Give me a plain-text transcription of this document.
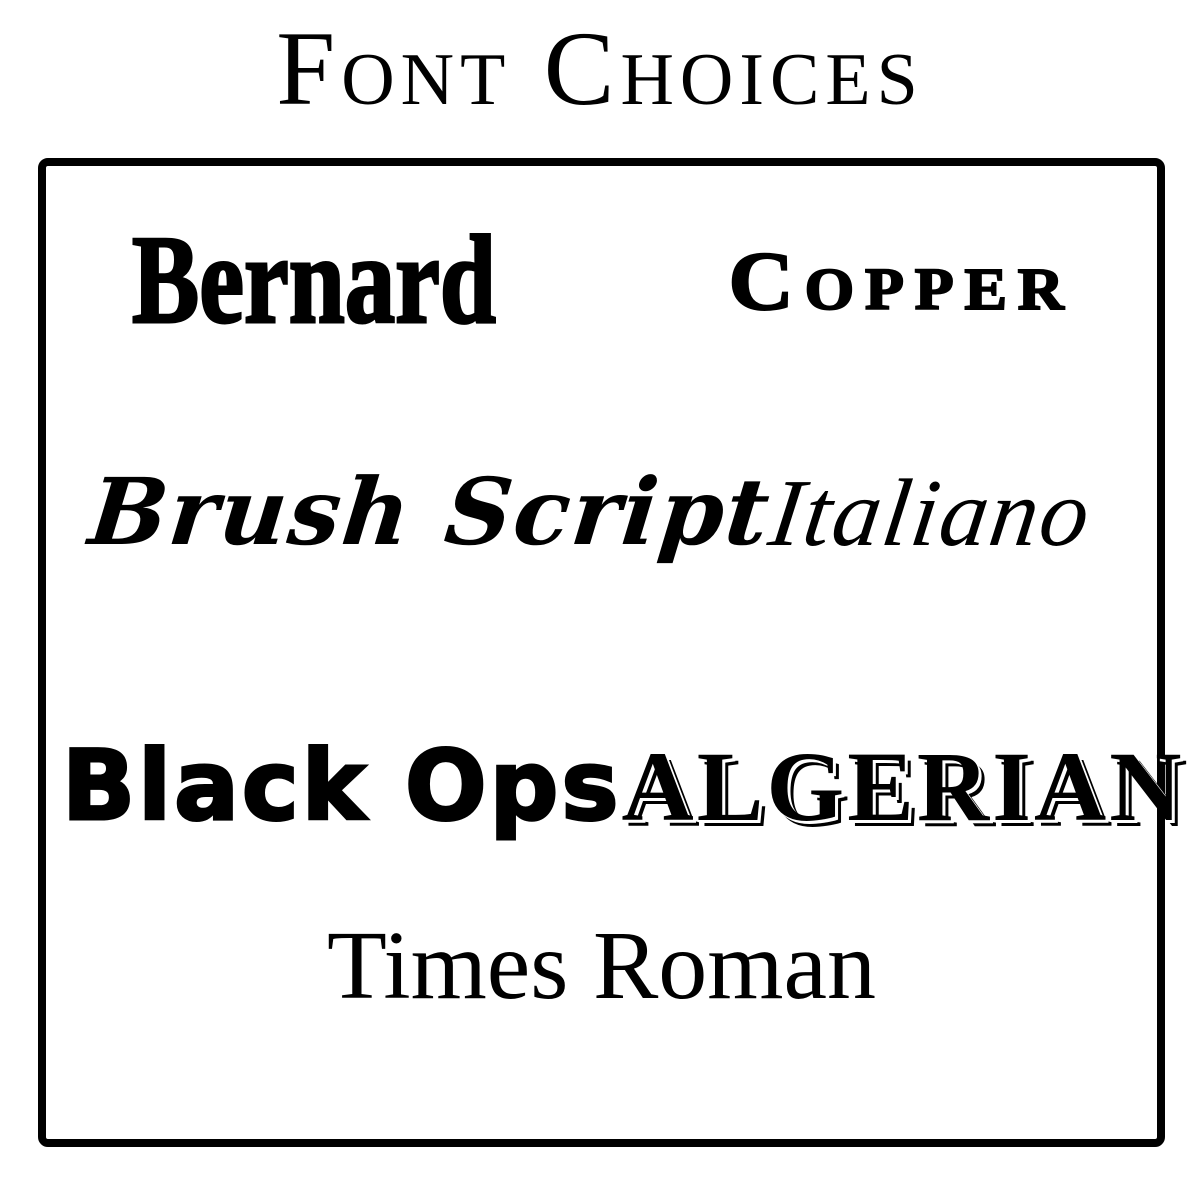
Font Choices
Bernard	Copper
Brush Script
Italiano
Black Ops ALGERIAN
Times Roman
